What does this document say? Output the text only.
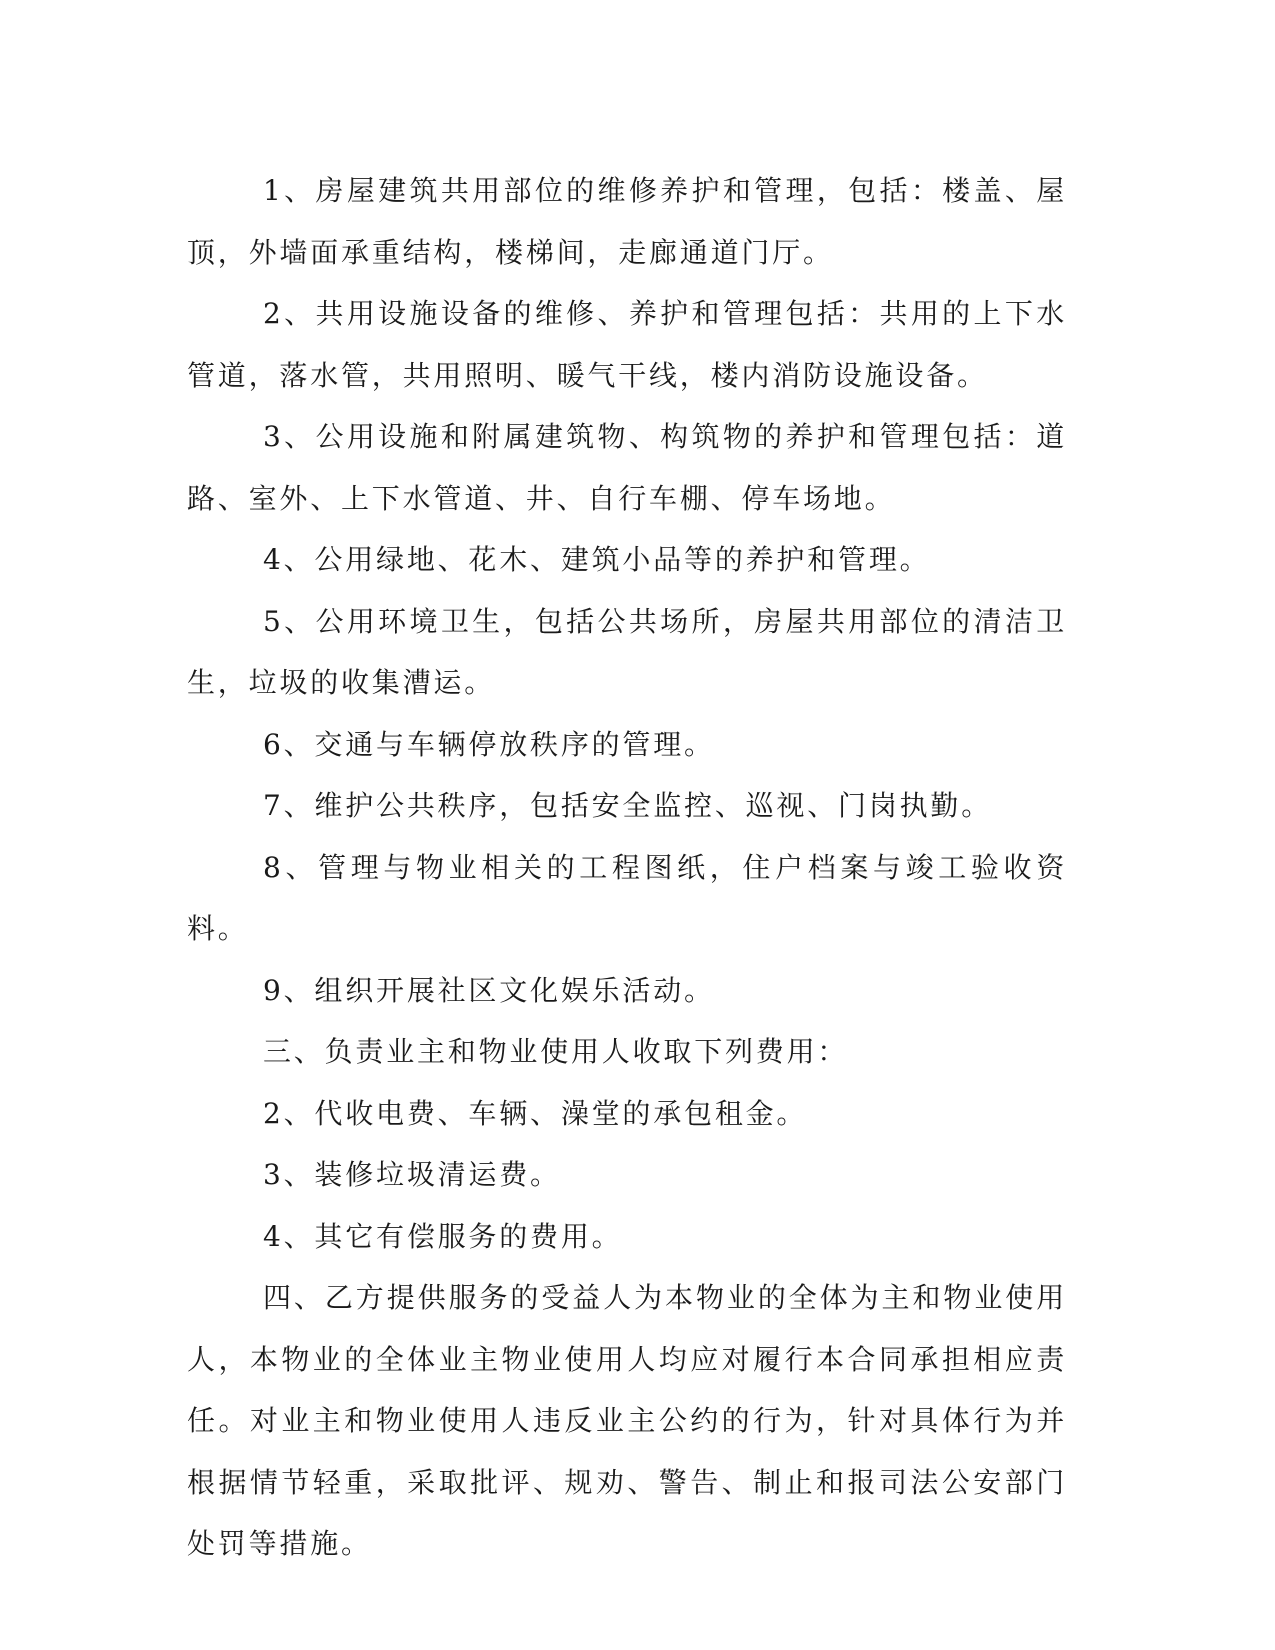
1、房屋建筑共用部位的维修养护和管理，包括：楼盖、屋顶，外墙面承重结构，楼梯间，走廊通道门厅。

2、共用设施设备的维修、养护和管理包括：共用的上下水管道，落水管，共用照明、暖气干线，楼内消防设施设备。

3、公用设施和附属建筑物、构筑物的养护和管理包括：道路、室外、上下水管道、井、自行车棚、停车场地。

4、公用绿地、花木、建筑小品等的养护和管理。

5、公用环境卫生，包括公共场所，房屋共用部位的清洁卫生，垃圾的收集漕运。

6、交通与车辆停放秩序的管理。

7、维护公共秩序，包括安全监控、巡视、门岗执勤。

8、管理与物业相关的工程图纸，住户档案与竣工验收资料。

9、组织开展社区文化娱乐活动。

三、负责业主和物业使用人收取下列费用：

2、代收电费、车辆、澡堂的承包租金。

3、装修垃圾清运费。

4、其它有偿服务的费用。

四、乙方提供服务的受益人为本物业的全体为主和物业使用人，本物业的全体业主物业使用人均应对履行本合同承担相应责任。对业主和物业使用人违反业主公约的行为，针对具体行为并根据情节轻重，采取批评、规劝、警告、制止和报司法公安部门处罚等措施。
